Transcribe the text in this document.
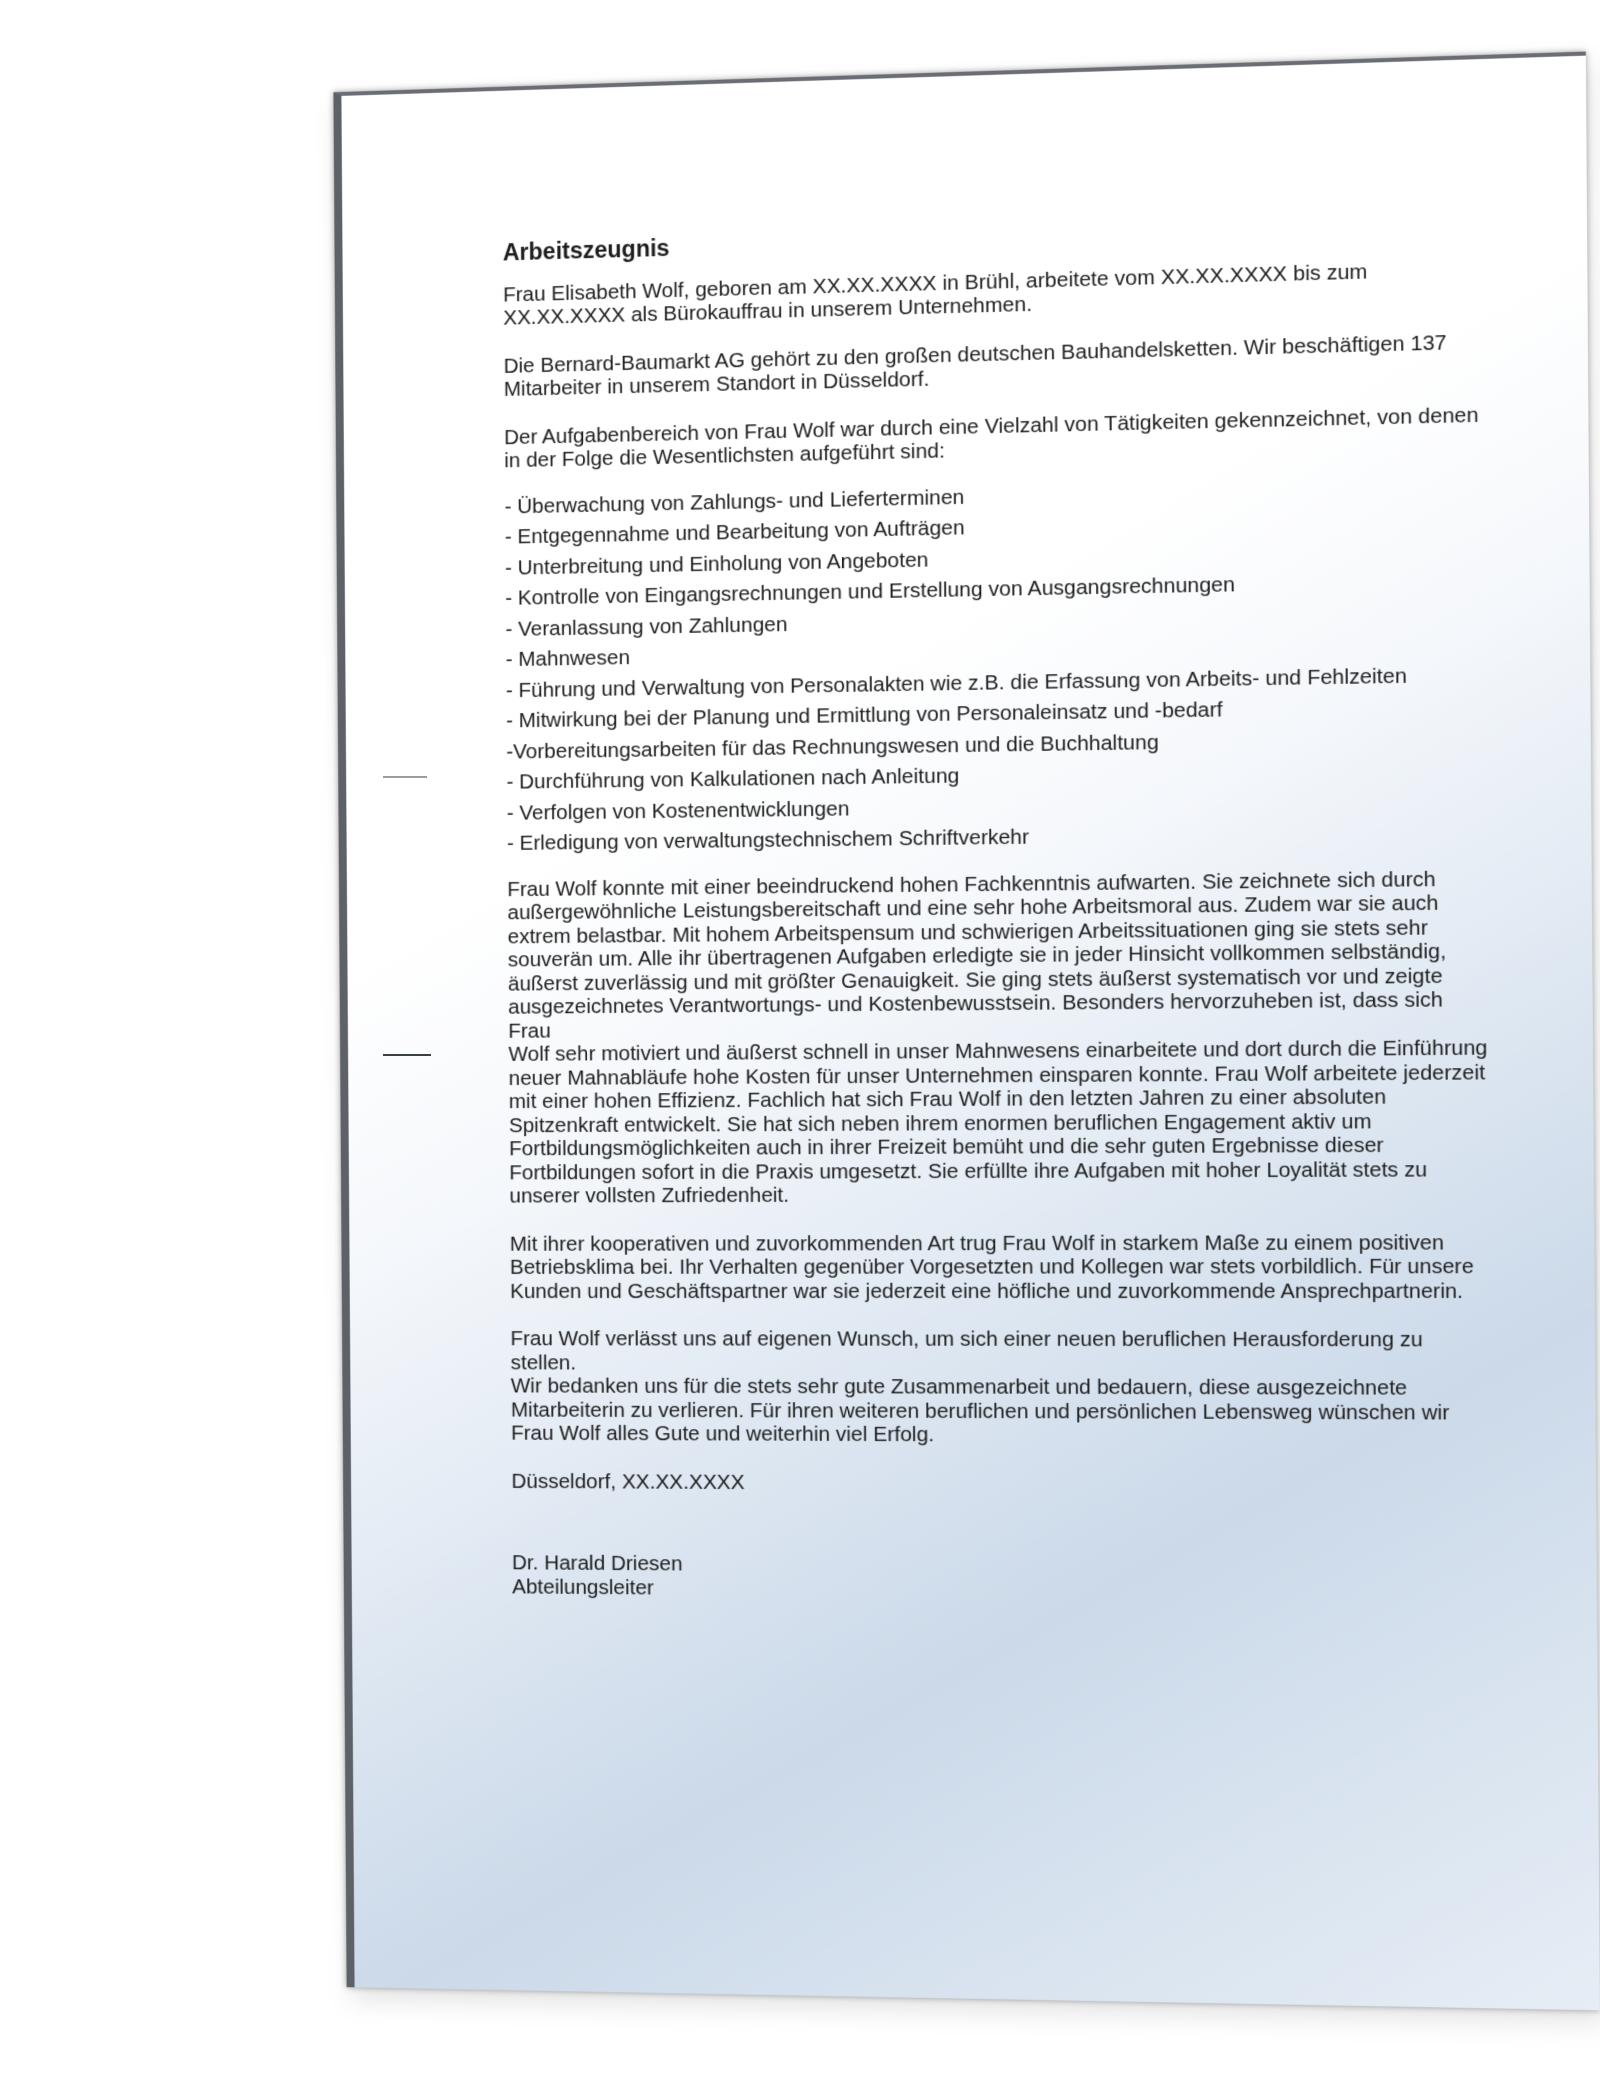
Arbeitszeugnis

Frau Elisabeth Wolf, geboren am XX.XX.XXXX in Brühl, arbeitete vom XX.XX.XXXX bis zum
XX.XX.XXXX als Bürokauffrau in unserem Unternehmen.

Die Bernard-Baumarkt AG gehört zu den großen deutschen Bauhandelsketten. Wir beschäftigen 137
Mitarbeiter in unserem Standort in Düsseldorf.

Der Aufgabenbereich von Frau Wolf war durch eine Vielzahl von Tätigkeiten gekennzeichnet, von denen
in der Folge die Wesentlichsten aufgeführt sind:

- Überwachung von Zahlungs- und Lieferterminen
- Entgegennahme und Bearbeitung von Aufträgen
- Unterbreitung und Einholung von Angeboten
- Kontrolle von Eingangsrechnungen und Erstellung von Ausgangsrechnungen
- Veranlassung von Zahlungen
- Mahnwesen
- Führung und Verwaltung von Personalakten wie z.B. die Erfassung von Arbeits- und Fehlzeiten
- Mitwirkung bei der Planung und Ermittlung von Personaleinsatz und -bedarf
-Vorbereitungsarbeiten für das Rechnungswesen und die Buchhaltung
- Durchführung von Kalkulationen nach Anleitung
- Verfolgen von Kostenentwicklungen
- Erledigung von verwaltungstechnischem Schriftverkehr

Frau Wolf konnte mit einer beeindruckend hohen Fachkenntnis aufwarten. Sie zeichnete sich durch
außergewöhnliche Leistungsbereitschaft und eine sehr hohe Arbeitsmoral aus. Zudem war sie auch
extrem belastbar. Mit hohem Arbeitspensum und schwierigen Arbeitssituationen ging sie stets sehr
souverän um. Alle ihr übertragenen Aufgaben erledigte sie in jeder Hinsicht vollkommen selbständig,
äußerst zuverlässig und mit größter Genauigkeit. Sie ging stets äußerst systematisch vor und zeigte
ausgezeichnetes Verantwortungs- und Kostenbewusstsein. Besonders hervorzuheben ist, dass sich Frau
Wolf sehr motiviert und äußerst schnell in unser Mahnwesens einarbeitete und dort durch die Einführung
neuer Mahnabläufe hohe Kosten für unser Unternehmen einsparen konnte. Frau Wolf arbeitete jederzeit
mit einer hohen Effizienz. Fachlich hat sich Frau Wolf in den letzten Jahren zu einer absoluten
Spitzenkraft entwickelt. Sie hat sich neben ihrem enormen beruflichen Engagement aktiv um
Fortbildungsmöglichkeiten auch in ihrer Freizeit bemüht und die sehr guten Ergebnisse dieser
Fortbildungen sofort in die Praxis umgesetzt. Sie erfüllte ihre Aufgaben mit hoher Loyalität stets zu
unserer vollsten Zufriedenheit.

Mit ihrer kooperativen und zuvorkommenden Art trug Frau Wolf in starkem Maße zu einem positiven
Betriebsklima bei. Ihr Verhalten gegenüber Vorgesetzten und Kollegen war stets vorbildlich. Für unsere
Kunden und Geschäftspartner war sie jederzeit eine höfliche und zuvorkommende Ansprechpartnerin.

Frau Wolf verlässt uns auf eigenen Wunsch, um sich einer neuen beruflichen Herausforderung zu stellen.
Wir bedanken uns für die stets sehr gute Zusammenarbeit und bedauern, diese ausgezeichnete
Mitarbeiterin zu verlieren. Für ihren weiteren beruflichen und persönlichen Lebensweg wünschen wir
Frau Wolf alles Gute und weiterhin viel Erfolg.

Düsseldorf, XX.XX.XXXX

Dr. Harald Driesen

Abteilungsleiter
